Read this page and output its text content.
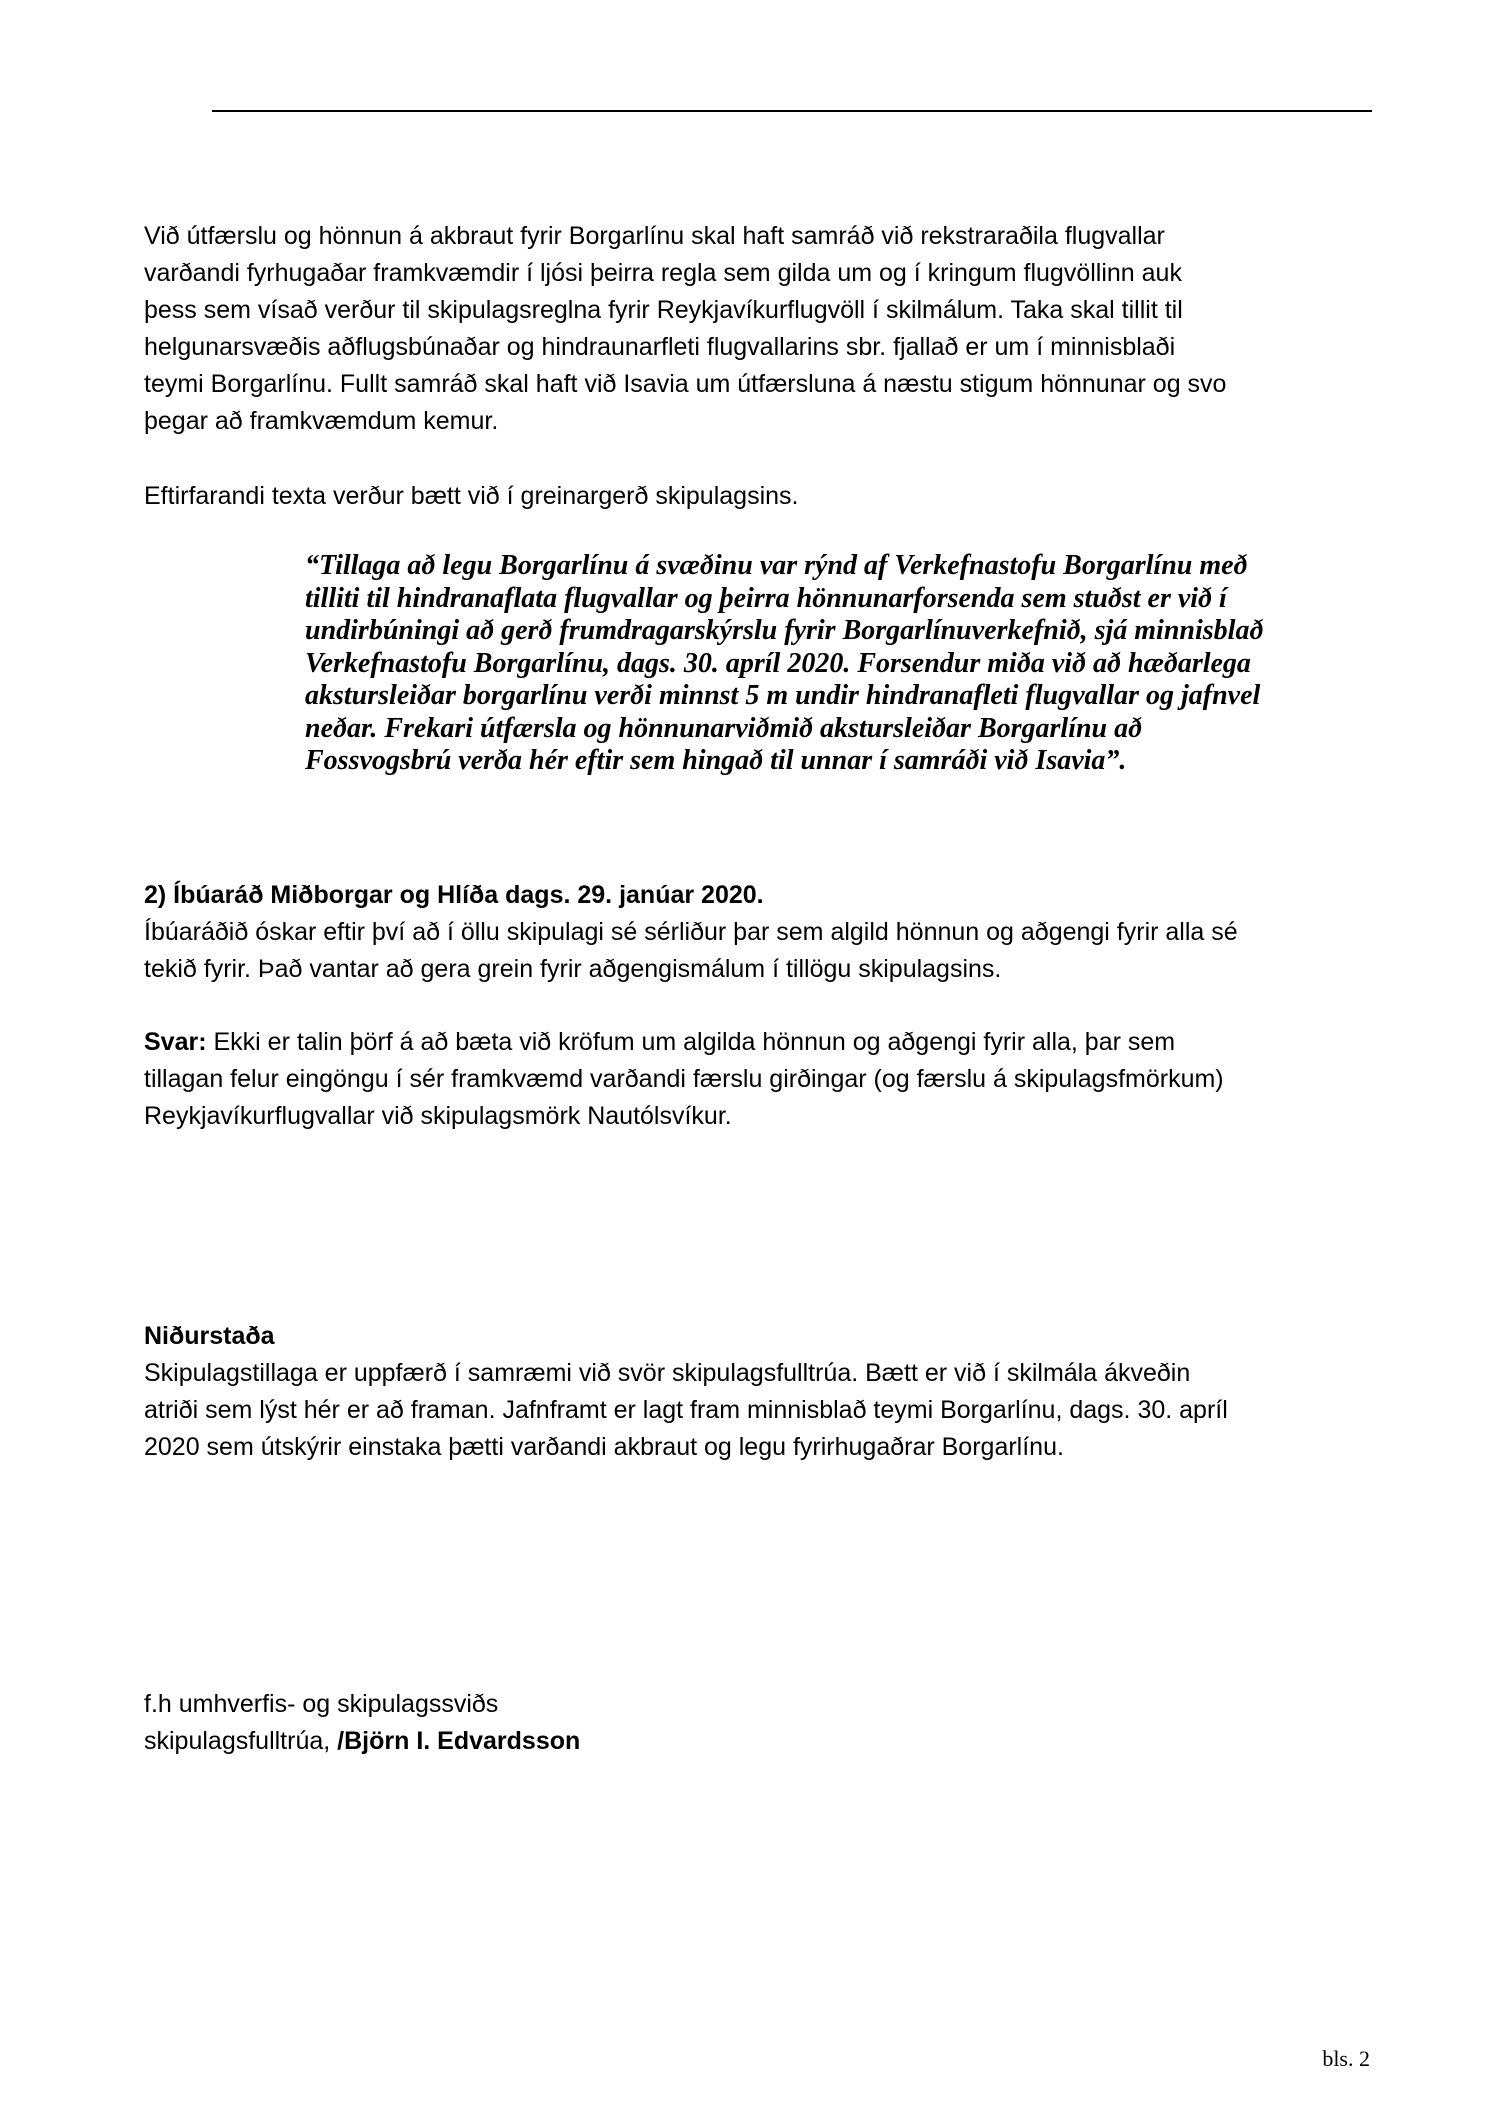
Við útfærslu og hönnun á akbraut fyrir Borgarlínu skal haft samráð við rekstraraðila flugvallar
varðandi fyrhugaðar framkvæmdir í ljósi þeirra regla sem gilda um og í kringum flugvöllinn auk
þess sem vísað verður til skipulagsreglna fyrir Reykjavíkurflugvöll í skilmálum. Taka skal tillit til
helgunarsvæðis aðflugsbúnaðar og hindraunarfleti flugvallarins sbr. fjallað er um í minnisblaði
teymi Borgarlínu. Fullt samráð skal haft við Isavia um útfærsluna á næstu stigum hönnunar og svo
þegar að framkvæmdum kemur.
Eftirfarandi texta verður bætt við í greinargerð skipulagsins.
“Tillaga að legu Borgarlínu á svæðinu var rýnd af Verkefnastofu Borgarlínu með
tilliti til hindranaflata flugvallar og þeirra hönnunarforsenda sem stuðst er við í
undirbúningi að gerð frumdragarskýrslu fyrir Borgarlínuverkefnið, sjá minnisblað
Verkefnastofu Borgarlínu, dags. 30. apríl 2020. Forsendur miða við að hæðarlega
akstursleiðar borgarlínu verði minnst 5 m undir hindranafleti flugvallar og jafnvel
neðar. Frekari útfærsla og hönnunarviðmið akstursleiðar Borgarlínu að
Fossvogsbrú verða hér eftir sem hingað til unnar í samráði við Isavia”.
2) Íbúaráð Miðborgar og Hlíða dags. 29. janúar 2020.
Íbúaráðið óskar eftir því að í öllu skipulagi sé sérliður þar sem algild hönnun og aðgengi fyrir alla sé
tekið fyrir. Það vantar að gera grein fyrir aðgengismálum í tillögu skipulagsins.
Svar: Ekki er talin þörf á að bæta við kröfum um algilda hönnun og aðgengi fyrir alla, þar sem
tillagan felur eingöngu í sér framkvæmd varðandi færslu girðingar (og færslu á skipulagsfmörkum)
Reykjavíkurflugvallar við skipulagsmörk Nautólsvíkur.
Niðurstaða
Skipulagstillaga er uppfærð í samræmi við svör skipulagsfulltrúa. Bætt er við í skilmála ákveðin
atriði sem lýst hér er að framan. Jafnframt er lagt fram minnisblað teymi Borgarlínu, dags. 30. apríl
2020 sem útskýrir einstaka þætti varðandi akbraut og legu fyrirhugaðrar Borgarlínu.
f.h umhverfis- og skipulagssviðs
skipulagsfulltrúa, /Björn I. Edvardsson
bls. 2
